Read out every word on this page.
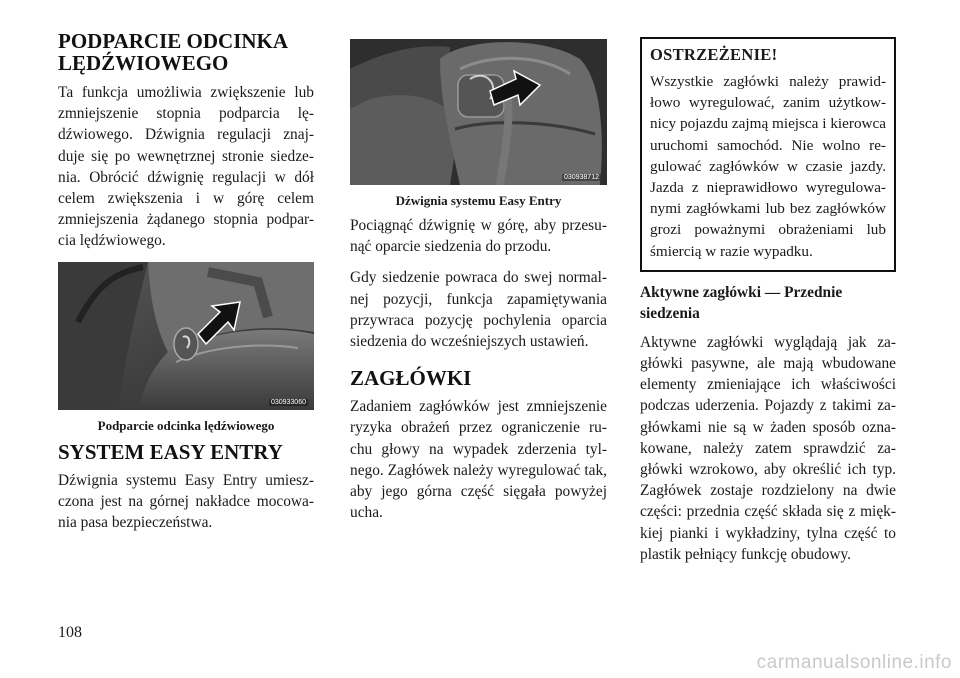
PODPARCIE ODCINKA
LĘDŹWIOWEGO

Ta funkcja umożliwia zwiększenie lub zmniejszenie stopnia podparcia lę-dźwiowego. Dźwignia regulacji znaj-duje się po wewnętrznej stronie siedze-nia. Obrócić dźwignię regulacji w dół celem zwiększenia i w górę celem zmniejszenia żądanego stopnia podpar-cia lędźwiowego.

030933060
Podparcie odcinka lędźwiowego
SYSTEM EASY ENTRY

Dźwignia systemu Easy Entry umiesz-czona jest na górnej nakładce mocowa-nia pasa bezpieczeństwa.

030938712
Dźwignia systemu Easy Entry

Pociągnąć dźwignię w górę, aby przesu-nąć oparcie siedzenia do przodu.

Gdy siedzenie powraca do swej normal-nej pozycji, funkcja zapamiętywania przywraca pozycję pochylenia oparcia siedzenia do wcześniejszych ustawień.

ZAGŁÓWKI

Zadaniem zagłówków jest zmniejszenie ryzyka obrażeń przez ograniczenie ru-chu głowy na wypadek zderzenia tyl-nego. Zagłówek należy wyregulować tak, aby jego górna część sięgała powyżej ucha.

OSTRZEŻENIE!

Wszystkie zagłówki należy prawid-łowo wyregulować, zanim użytkow-nicy pojazdu zajmą miejsca i kierowca uruchomi samochód. Nie wolno re-gulować zagłówków w czasie jazdy. Jazda z nieprawidłowo wyregulowa-nymi zagłówkami lub bez zagłówków grozi poważnymi obrażeniami lub śmiercią w razie wypadku.

Aktywne zagłówki — Przednie siedzenia

Aktywne zagłówki wyglądają jak za-główki pasywne, ale mają wbudowane elementy zmieniające ich właściwości podczas uderzenia. Pojazdy z takimi za-główkami nie są w żaden sposób ozna-kowane, należy zatem sprawdzić za-główki wzrokowo, aby określić ich typ. Zagłówek zostaje rozdzielony na dwie części: przednia część składa się z mięk-kiej pianki i wykładziny, tylna część to plastik pełniący funkcję obudowy.

108
carmanualsonline.info
